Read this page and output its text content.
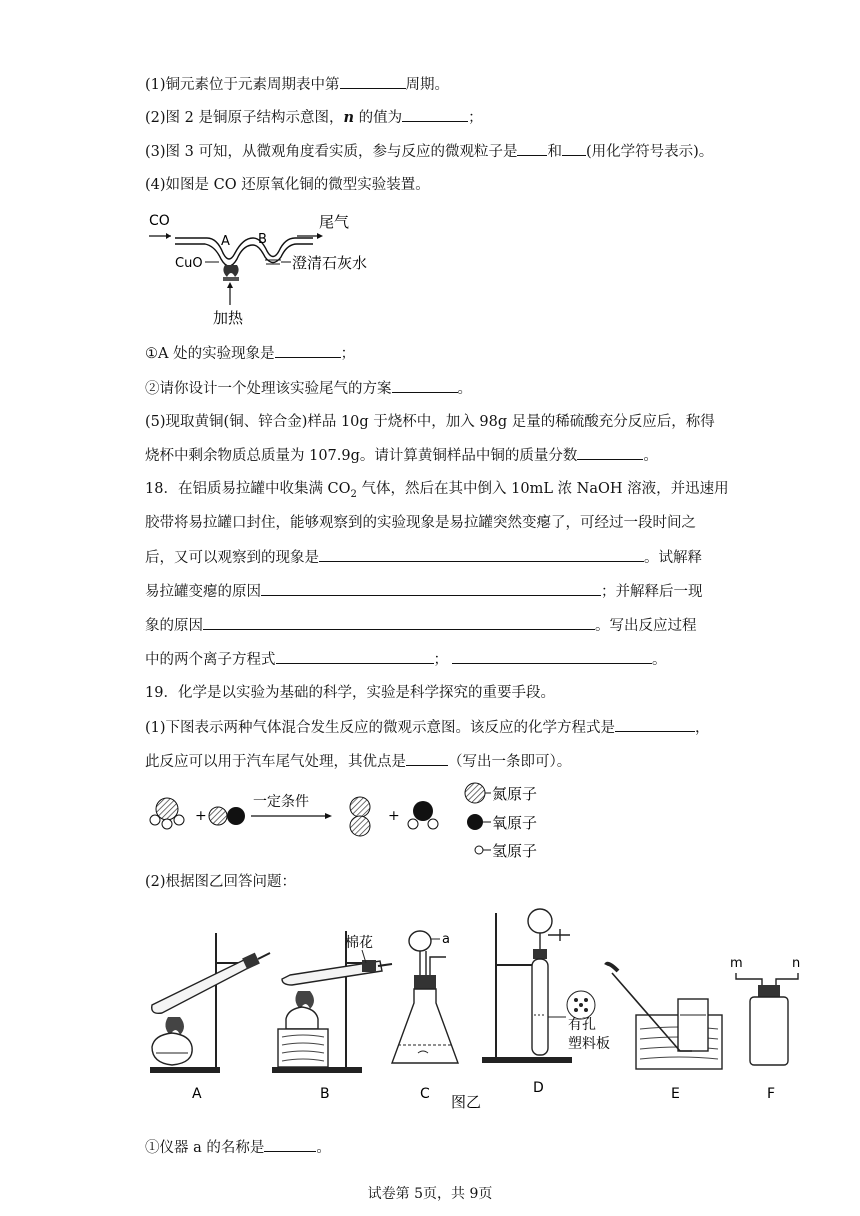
(1)铜元素位于元素周期表中第	周期。
(2)图 2 是铜原子结构示意图，n 的值为	；
(3)图 3 可知，从微观角度看实质，参与反应的微观粒子是 和 (用化学符号表示)。
(4)如图是 CO 还原氧化铜的微型实验装置。
CO
A B
尾气
CuO	澄清石灰水
加热
①A 处的实验现象是	；
②请你设计一个处理该实验尾气的方案	。
(5)现取黄铜(铜、锌合金)样品 10g 于烧杯中，加入 98g 足量的稀硫酸充分反应后，称得
烧杯中剩余物质总质量为 107.9g。请计算黄铜样品中铜的质量分数	。
18．在铝质易拉罐中收集满 $CO_2$ 气体，然后在其中倒入 10mL 浓 NaOH 溶液，并迅速用
胶带将易拉罐口封住，能够观察到的实验现象是易拉罐突然变瘪了，可经过一段时间之
后，又可以观察到的现象是	。试解释
易拉罐变瘪的原因	；并解释后一现
象的原因	。写出反应过程
中的两个离子方程式	；	。
19．化学是以实验为基础的科学，实验是科学探究的重要手段。
(1)下图表示两种气体混合发生反应的微观示意图。该反应的化学方程式是	，
此反应可以用于汽车尾气处理，其优点是	（写出一条即可）。
+
一定条件
+
氮原子
氧原子
氢原子
(2)根据图乙回答问题：
A
棉花
B
a
C
有孔
塑料板
D
图乙	E
m	n
F
①仪器 a 的名称是	。
试卷第 5页，共 9页
